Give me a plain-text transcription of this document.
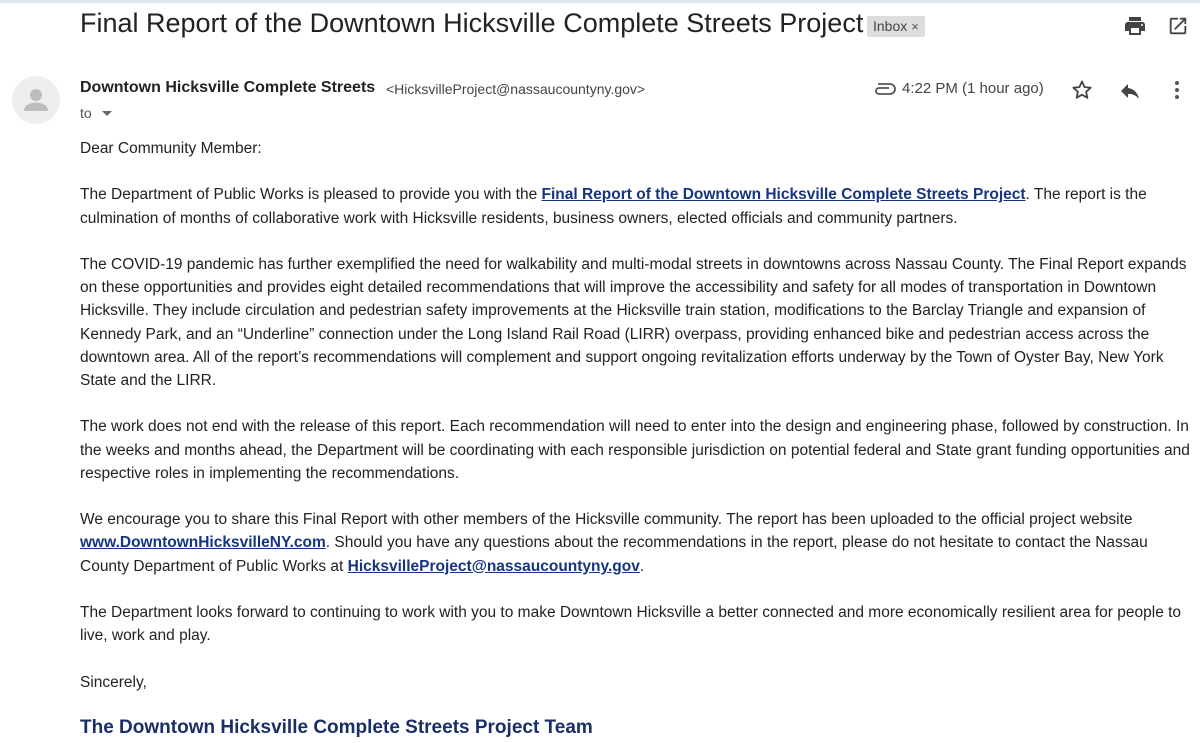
Final Report of the Downtown Hicksville Complete Streets Project Inbox ×
Downtown Hicksville Complete Streets <HicksvilleProject@nassaucountyny.gov>
to
4:22 PM (1 hour ago)

Dear Community Member:

The Department of Public Works is pleased to provide you with the Final Report of the Downtown Hicksville Complete Streets Project. The report is the culmination of months of collaborative work with Hicksville residents, business owners, elected officials and community partners.

The COVID-19 pandemic has further exemplified the need for walkability and multi-modal streets in downtowns across Nassau County. The Final Report expands on these opportunities and provides eight detailed recommendations that will improve the accessibility and safety for all modes of transportation in Downtown Hicksville. They include circulation and pedestrian safety improvements at the Hicksville train station, modifications to the Barclay Triangle and expansion of Kennedy Park, and an “Underline” connection under the Long Island Rail Road (LIRR) overpass, providing enhanced bike and pedestrian access across the downtown area. All of the report’s recommendations will complement and support ongoing revitalization efforts underway by the Town of Oyster Bay, New York State and the LIRR.

The work does not end with the release of this report. Each recommendation will need to enter into the design and engineering phase, followed by construction. In the weeks and months ahead, the Department will be coordinating with each responsible jurisdiction on potential federal and State grant funding opportunities and respective roles in implementing the recommendations.

We encourage you to share this Final Report with other members of the Hicksville community. The report has been uploaded to the official project website www.DowntownHicksvilleNY.com. Should you have any questions about the recommendations in the report, please do not hesitate to contact the Nassau County Department of Public Works at HicksvilleProject@nassaucountyny.gov.

The Department looks forward to continuing to work with you to make Downtown Hicksville a better connected and more economically resilient area for people to live, work and play.

Sincerely,

The Downtown Hicksville Complete Streets Project Team
